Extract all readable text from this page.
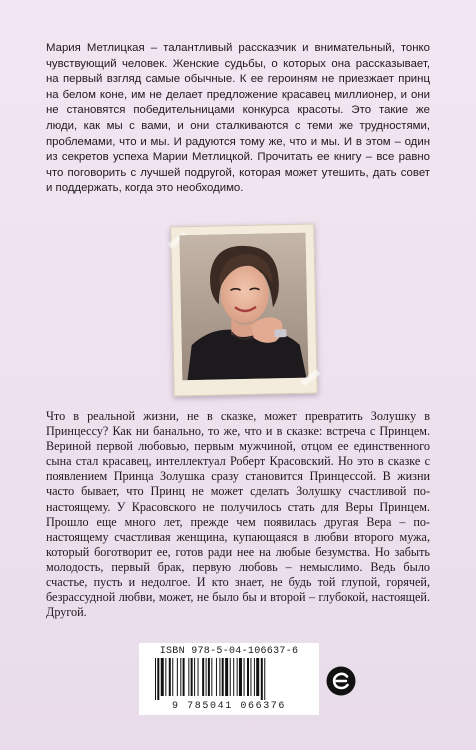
Мария Метлицкая – талантливый рассказчик и внимательный, тонко чувствующий человек. Женские судьбы, о которых она рассказывает, на первый взгляд самые обычные. К ее героиням не приезжает принц на белом коне, им не делает предложение красавец миллионер, и они не становятся победительницами конкурса красоты. Это такие же люди, как мы с вами, и они сталкиваются с теми же трудностями, проблемами, что и мы. И радуются тому же, что и мы. И в этом – один из секретов успеха Марии Метлицкой. Прочитать ее книгу – все равно что поговорить с лучшей подругой, которая может утешить, дать совет и поддержать, когда это необходимо.

Что в реальной жизни, не в сказке, может превратить Золушку в Принцессу? Как ни банально, то же, что и в сказке: встреча с Принцем. Вериной первой любовью, первым мужчиной, отцом ее единственного сына стал красавец, интеллектуал Роберт Красовский. Но это в сказке с появлением Принца Золушка сразу становится Принцессой. В жизни часто бывает, что Принц не может сделать Золушку счастливой по-настоящему. У Красовского не получилось стать для Веры Принцем. Прошло еще много лет, прежде чем появилась другая Вера – по-настоящему счастливая женщина, купающаяся в любви второго мужа, который боготворит ее, готов ради нее на любые безумства. Но забыть молодость, первый брак, первую любовь – немыслимо. Ведь было счастье, пусть и недолгое. И кто знает, не будь той глупой, горячей, безрассудной любви, может, не было бы и второй – глубокой, настоящей. Другой.

ISBN 978-5-04-106637-6
9 785041 066376
